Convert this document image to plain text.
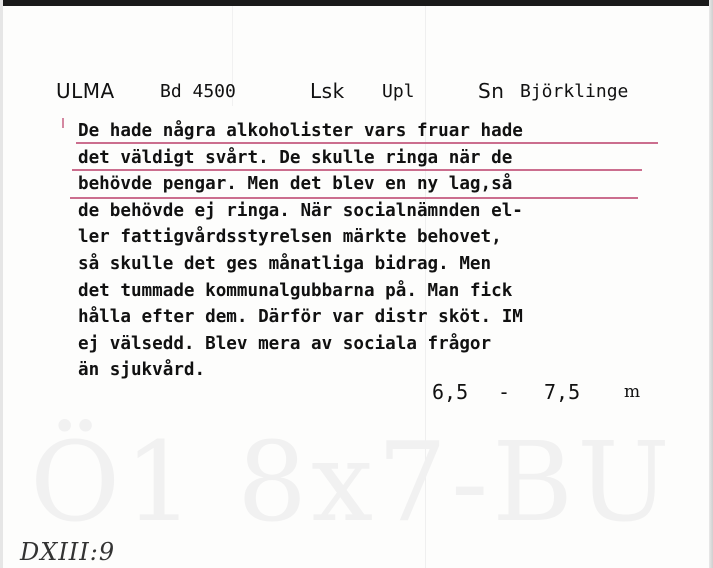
ULMA	Bd 4500	Lsk Upl	Sn Björklinge
De hade några alkoholister vars fruar hade
det väldigt svårt. De skulle ringa när de
behövde pengar. Men det blev en ny lag,så
de behövde ej ringa. När socialnämnden el-
ler fattigvårdsstyrelsen märkte behovet,
så skulle det ges månatliga bidrag. Men
det tummade kommunalgubbarna på. Man fick
hålla efter dem. Därför var distr sköt. IM
ej välsedd. Blev mera av sociala frågor
än sjukvård.
6,5 - 7,5	m
Ö1 8x7-BU
DXIII:9
